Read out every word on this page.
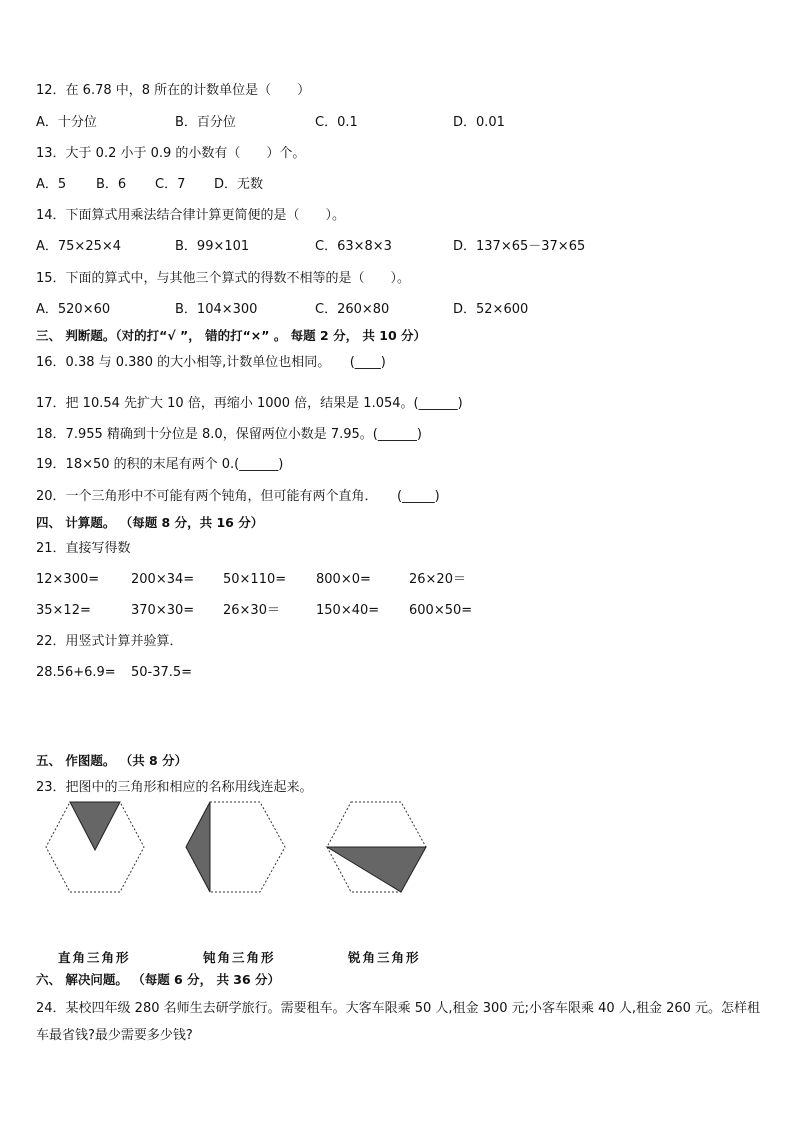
12．在 6.78 中，8 所在的计数单位是（　　）
A．十分位	B．百分位	C．0.1	D．0.01
13．大于 0.2 小于 0.9 的小数有（　　）个。
A．5 B．6 C．7 D．无数
14．下面算式用乘法结合律计算更简便的是（　　）。
A．75×25×4	B．99×101	C．63×8×3	D．137×65－37×65
15．下面的算式中，与其他三个算式的得数不相等的是（　　）。
A．520×60	B．104×300	C．260×80	D．52×600
三、 判断题。（对的打“√ ”， 错的打“×” 。 每题 2 分， 共 10 分）
16．0.38 与 0.380 的大小相等,计数单位也相同。　　(____)
17．把 10.54 先扩大 10 倍，再缩小 1000 倍，结果是 1.054。(______)
18．7.955 精确到十分位是 8.0，保留两位小数是 7.95。(______)
19．18×50 的积的末尾有两个 0.(______)
20．一个三角形中不可能有两个钝角，但可能有两个直角．　　(_____)
四、 计算题。 （每题 8 分，共 16 分）
21．直接写得数
12×300= 200×34= 50×110= 800×0=	26×20＝
35×12=	370×30= 26×30＝	150×40= 600×50=
22．用竖式计算并验算．
28.56+6.9= 50-37.5=
五、 作图题。 （共 8 分）
23．把图中的三角形和相应的名称用线连起来。
直角三角形	钝角三角形	锐角三角形
六、 解决问题。 （每题 6 分， 共 36 分）
24．某校四年级 280 名师生去研学旅行。需要租车。大客车限乘 50 人,租金 300 元;小客车限乘 40 人,租金 260 元。怎样租车最省钱?最少需要多少钱?
